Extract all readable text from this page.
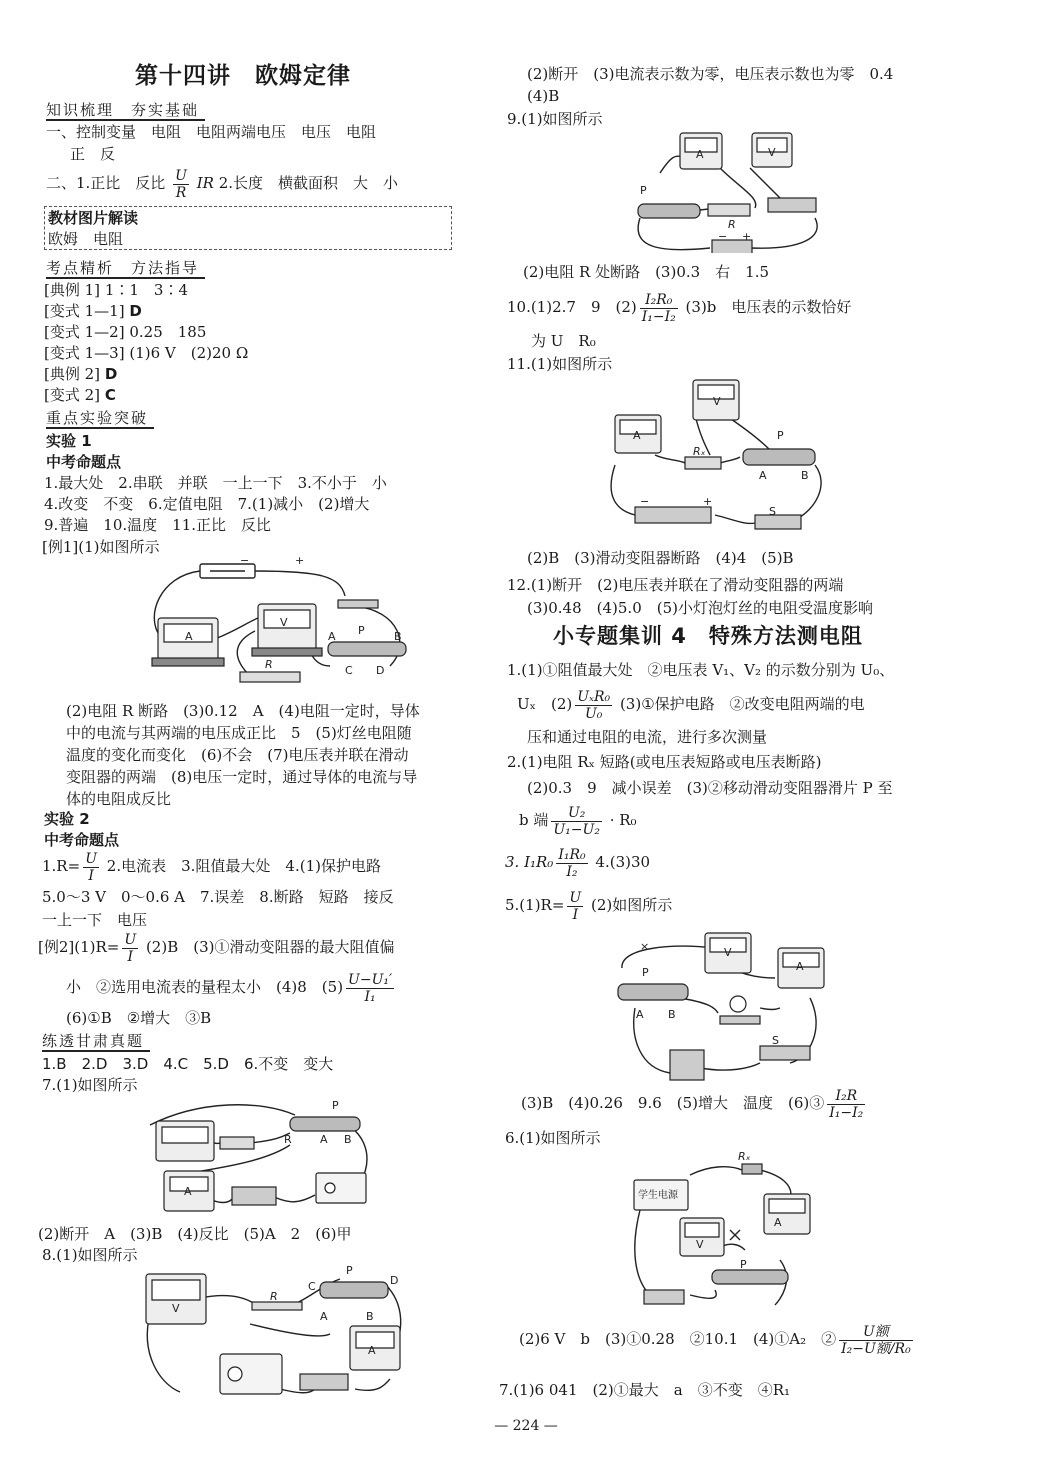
第十四讲　欧姆定律
知识梳理　夯实基础
一、控制变量　电阻　电阻两端电压　电压　电阻
正　反
二、1.正比　反比 $\frac{U}{R}$ IR 2.长度　横截面积　大　小
教材图片解读
欧姆　电阻
考点精析　方法指导
[典例 1] 1∶1　3∶4
[变式 1—1] D
[变式 1—2] 0.25　185
[变式 1—3] (1)6 V　(2)20 Ω
[典例 2] D
[变式 2] C
重点实验突破
实验 1
中考命题点
1.最大处　2.串联　并联　一上一下　3.不小于　小
4.改变　不变　6.定值电阻　7.(1)减小　(2)增大
9.普遍　10.温度　11.正比　反比
[例1](1)如图所示
A
V
A P	B
C D
R
−	+
(2)电阻 R 断路　(3)0.12　A　(4)电阻一定时，导体
中的电流与其两端的电压成正比　5　(5)灯丝电阻随
温度的变化而变化　(6)不会　(7)电压表并联在滑动
变阻器的两端　(8)电压一定时，通过导体的电流与导
体的电阻成反比
实验 2
中考命题点
$1.R= \frac{U}{I} 2$.电流表　3.阻值最大处　4.(1)保护电路
5.0～3 V　0～0.6 A　7.误差　8.断路　短路　接反
一上一下　电压
[例$2](1)R= \frac{U}{I} (2)B$　(3)①滑动变阻器的最大阻值偏
小　②选用电流表的量程太小　(4)8　$(5) \frac{\text{U−U₁′}}{\text{I₁}}$
(6)①B　②增大　③B
练透甘肃真题
1.B　2.D　3.D　4.C　5.D　6.不变　变大
7.(1)如图所示
P
A B
R
A
(2)断开　A　(3)B　(4)反比　(5)A　2　(6)甲
8.(1)如图所示
V
R
C
P
D
A	B
A
(2)断开　(3)电流表示数为零，电压表示数也为零　0.4
(4)B
9.(1)如图所示
P
R
A	V
− +
(2)电阻 R 处断路　(3)0.3　右　1.5
10.(1)2.7　9　$(2) \frac{\text{I₂R₀}}{\text{I₁−I₂}} (3)b$　电压表的示数恰好
为 U　R₀
11.(1)如图所示
A
V
Rₓ
P
A	B
S
−	+
(2)B　(3)滑动变阻器断路　(4)4　(5)B
12.(1)断开　(2)电压表并联在了滑动变阻器的两端
(3)0.48　(4)5.0　(5)小灯泡灯丝的电阻受温度影响
小专题集训 4　特殊方法测电阻
1.(1)①阻值最大处　②电压表 V₁、V₂ 的示数分别为 U₀、
Uₓ　$(2) \frac{\text{UₓR₀}}{\text{U₀}}$ (3)①保护电路　②改变电阻两端的电
压和通过电阻的电流，进行多次测量
2.(1)电阻 Rₓ 短路(或电压表短路或电压表断路)
(2)0.3　9　减小误差　(3)②移动滑动变阻器滑片 P 至
b 端 $\frac{\text{U₂}}{\text{U₁−U₂}} \cdot R_0$
3. $I_1R_0 \frac{\text{I₁R₀}}{\text{I₂}} 4.(3)30$
$5.(1)R= \frac{U}{I} (2)$如图所示
×
P
A B
V
A
S
(3)B　(4)0.26　9.6　(5)增大　温度　(6)③ $\frac{\text{I₂R}}{\text{I₁−I₂}}$
6.(1)如图所示
Rₓ
学生电源
V
A
P
(2)6 V　b　(3)①0.28　②10.1　(4)①A₂　② $\frac{\text{U额}}{\text{I₂−U额/R₀}}$
7.(1)6 041　(2)①最大　a　③不变　④R₁
— 224 —
